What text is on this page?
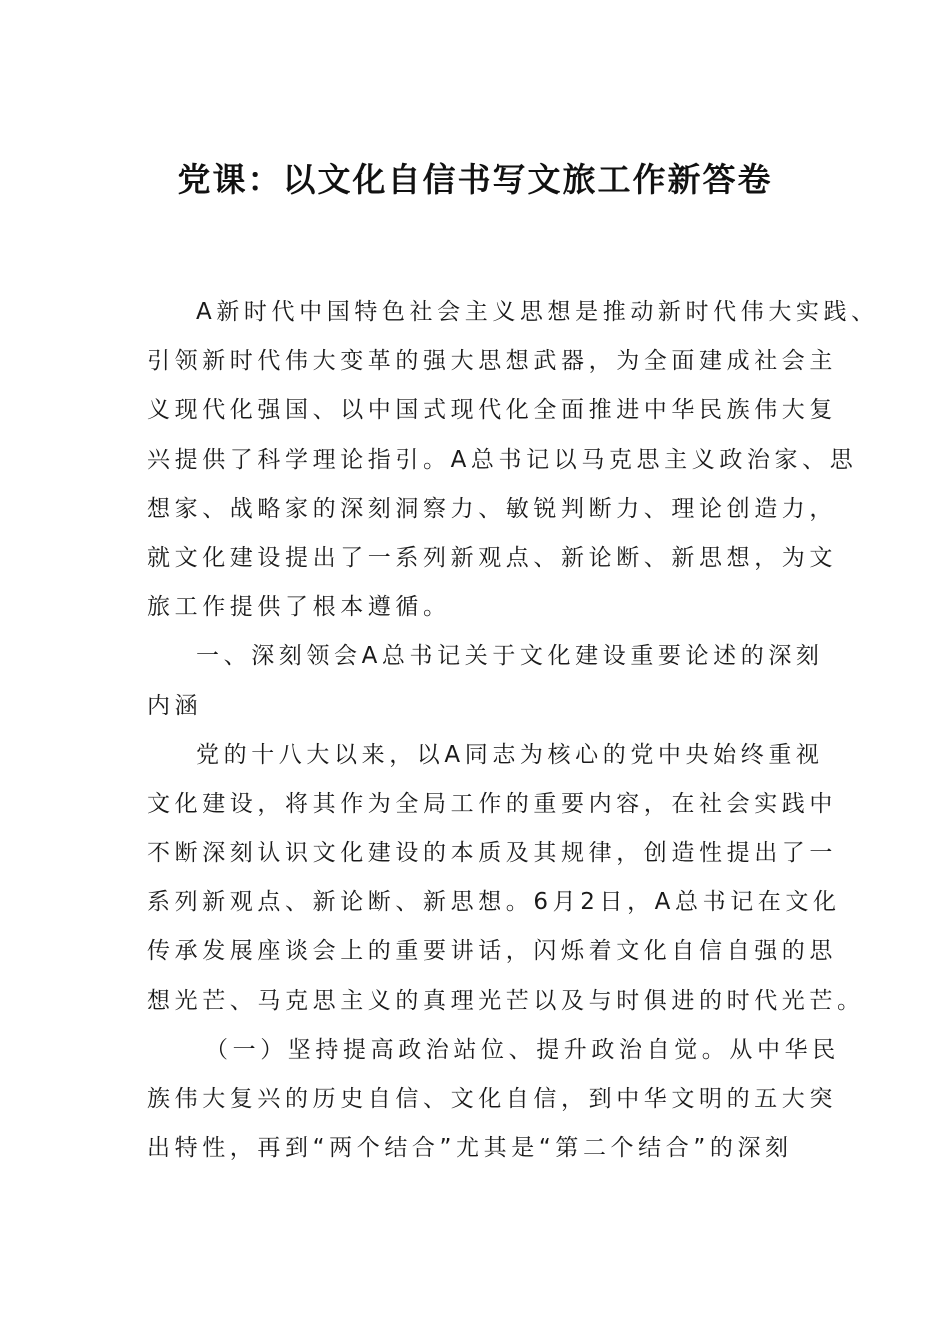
党课：以文化自信书写文旅工作新答卷

A新时代中国特色社会主义思想是推动新时代伟大实践、

引领新时代伟大变革的强大思想武器，为全面建成社会主

义现代化强国、以中国式现代化全面推进中华民族伟大复

兴提供了科学理论指引。A总书记以马克思主义政治家、思

想家、战略家的深刻洞察力、敏锐判断力、理论创造力，

就文化建设提出了一系列新观点、新论断、新思想，为文

旅工作提供了根本遵循。

一、深刻领会A总书记关于文化建设重要论述的深刻

内涵

党的十八大以来，以A同志为核心的党中央始终重视

文化建设，将其作为全局工作的重要内容，在社会实践中

不断深刻认识文化建设的本质及其规律，创造性提出了一

系列新观点、新论断、新思想。6月2日，A总书记在文化

传承发展座谈会上的重要讲话，闪烁着文化自信自强的思

想光芒、马克思主义的真理光芒以及与时俱进的时代光芒。

（一）坚持提高政治站位、提升政治自觉。从中华民

族伟大复兴的历史自信、文化自信，到中华文明的五大突

出特性，再到“两个结合”尤其是“第二个结合”的深刻
